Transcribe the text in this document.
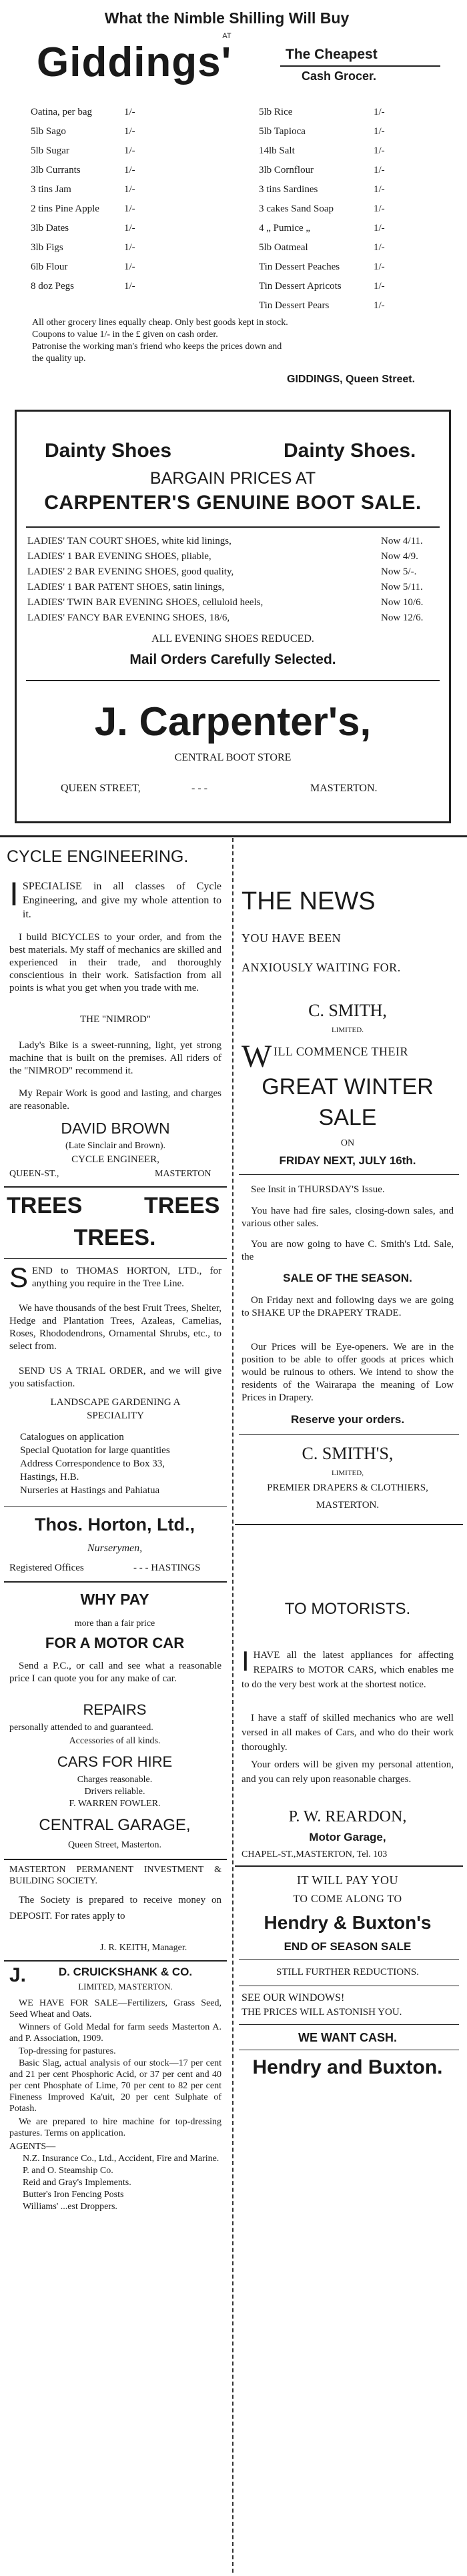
What the Nimble Shilling Will Buy
AT
Giddings'	The Cheapest
Cash Grocer.
Oatina, per bag	1/-
5lb Sago	1/-
5lb Sugar	1/-
3lb Currants	1/-
3 tins Jam	1/-
2 tins Pine Apple 1/-
3lb Dates	1/-
3lb Figs	1/-
6lb Flour	1/-
8 doz Pegs	1/-
5lb Rice	1/-
5lb Tapioca	1/-
14lb Salt	1/-
3lb Cornflour	1/-
3 tins Sardines	1/-
3 cakes Sand Soap	1/-
4 „ Pumice „	1/-
5lb Oatmeal	1/-
Tin Dessert Peaches	1/-
Tin Dessert Apricots	1/-
Tin Dessert Pears	1/-
All other grocery lines equally cheap. Only best goods kept in stock.
Coupons to value 1/- in the £ given on cash order.
Patronise the working man's friend who keeps the prices down and
the quality up.
GIDDINGS, Queen Street.
Dainty Shoes	Dainty Shoes.
BARGAIN PRICES AT
CARPENTER'S GENUINE BOOT SALE.
LADIES' TAN COURT SHOES, white kid linings,	Now 4/11.
LADIES' 1 BAR EVENING SHOES, pliable,	Now 4/9.
LADIES' 2 BAR EVENING SHOES, good quality,	Now 5/-.
LADIES' 1 BAR PATENT SHOES, satin linings,	Now 5/11.
LADIES' TWIN BAR EVENING SHOES, celluloid heels,	Now 10/6.
LADIES' FANCY BAR EVENING SHOES, 18/6,	Now 12/6.
ALL EVENING SHOES REDUCED.
Mail Orders Carefully Selected.
J. Carpenter's,
CENTRAL BOOT STORE
QUEEN STREET,	- - -	MASTERTON.
CYCLE ENGINEERING.

ISPECIALISE in all classes of Cycle Engineering, and give my whole attention to it.

I build BICYCLES to your order, and from the best materials. My staff of mechanics are skilled and experienced in their trade, and thoroughly conscientious in their work. Satisfaction from all points is what you get when you trade with me.

THE "NIMROD"

Lady's Bike is a sweet-running, light, yet strong machine that is built on the premises. All riders of the "NIMROD" recommend it.

My Repair Work is good and lasting, and charges are reasonable.

DAVID BROWN
(Late Sinclair and Brown).
CYCLE ENGINEER,
QUEEN-ST.,	MASTERTON
TREES	TREES
TREES.

SEND to THOMAS HORTON, LTD., for anything you require in the Tree Line.

We have thousands of the best Fruit Trees, Shelter, Hedge and Plantation Trees, Azaleas, Camelias, Roses, Rhododendrons, Ornamental Shrubs, etc., to select from.

SEND US A TRIAL ORDER, and we will give you satisfaction.

LANDSCAPE GARDENING A
SPECIALITY
Catalogues on application
Special Quotation for large quantities
Address Correspondence to Box 33,
Hastings, H.B.
Nurseries at Hastings and Pahiatua
Thos. Horton, Ltd.,
Nurserymen,
Registered Offices	- - - HASTINGS
WHY PAY
more than a fair price
FOR A MOTOR CAR

Send a P.C., or call and see what a reasonable price I can quote you for any make of car.

REPAIRS
personally attended to and guaranteed.
Accessories of all kinds.
CARS FOR HIRE
Charges reasonable.
Drivers reliable.
F. WARREN FOWLER.
CENTRAL GARAGE,
Queen Street, Masterton.

MASTERTON PERMANENT INVESTMENT & BUILDING SOCIETY.

The Society is prepared to receive money on DEPOSIT. For rates apply to

J. R. KEITH, Manager.
J.	D. CRUICKSHANK & CO.
LIMITED, MASTERTON.

WE HAVE FOR SALE—Fertilizers, Grass Seed, Seed Wheat and Oats.

Winners of Gold Medal for farm seeds Masterton A. and P. Association, 1909.

Top-dressing for pastures.

Basic Slag, actual analysis of our stock—17 per cent and 21 per cent Phosphoric Acid, or 37 per cent and 40 per cent Phosphate of Lime, 70 per cent to 82 per cent Fineness Improved Ka'uit, 20 per cent Sulphate of Potash.

We are prepared to hire machine for top-dressing pastures. Terms on application.

AGENTS—
N.Z. Insurance Co., Ltd., Accident, Fire and Marine.
P. and O. Steamship Co.
Reid and Gray's Implements.
Butter's Iron Fencing Posts
Williams' ...est Droppers.
THE NEWS
YOU HAVE BEEN
ANXIOUSLY WAITING FOR.
C. SMITH,
LIMITED.
W ILL COMMENCE THEIR
GREAT WINTER
SALE
ON
FRIDAY NEXT, JULY 16th.

See Insit in THURSDAY'S Issue.

You have had fire sales, closing-down sales, and various other sales.

You are now going to have C. Smith's Ltd. Sale, the

SALE OF THE SEASON.

On Friday next and following days we are going to SHAKE UP the DRAPERY TRADE.

Our Prices will be Eye-openers. We are in the position to be able to offer goods at prices which would be ruinous to others. We intend to show the residents of the Wairarapa the meaning of Low Prices in Drapery.

Reserve your orders.
C. SMITH'S,
LIMITED,
PREMIER DRAPERS & CLOTHIERS,
MASTERTON.
TO MOTORISTS.

IHAVE all the latest appliances for affecting REPAIRS to MOTOR CARS, which enables me to do the very best work at the shortest notice.

I have a staff of skilled mechanics who are well versed in all makes of Cars, and who do their work thoroughly.

Your orders will be given my personal attention, and you can rely upon reasonable charges.

P. W. REARDON,
Motor Garage,
CHAPEL-ST.,MASTERTON, Tel. 103
IT WILL PAY YOU
TO COME ALONG TO
Hendry & Buxton's
END OF SEASON SALE
STILL FURTHER REDUCTIONS.
SEE OUR WINDOWS!
THE PRICES WILL ASTONISH YOU.
WE WANT CASH.
Hendry and Buxton.
